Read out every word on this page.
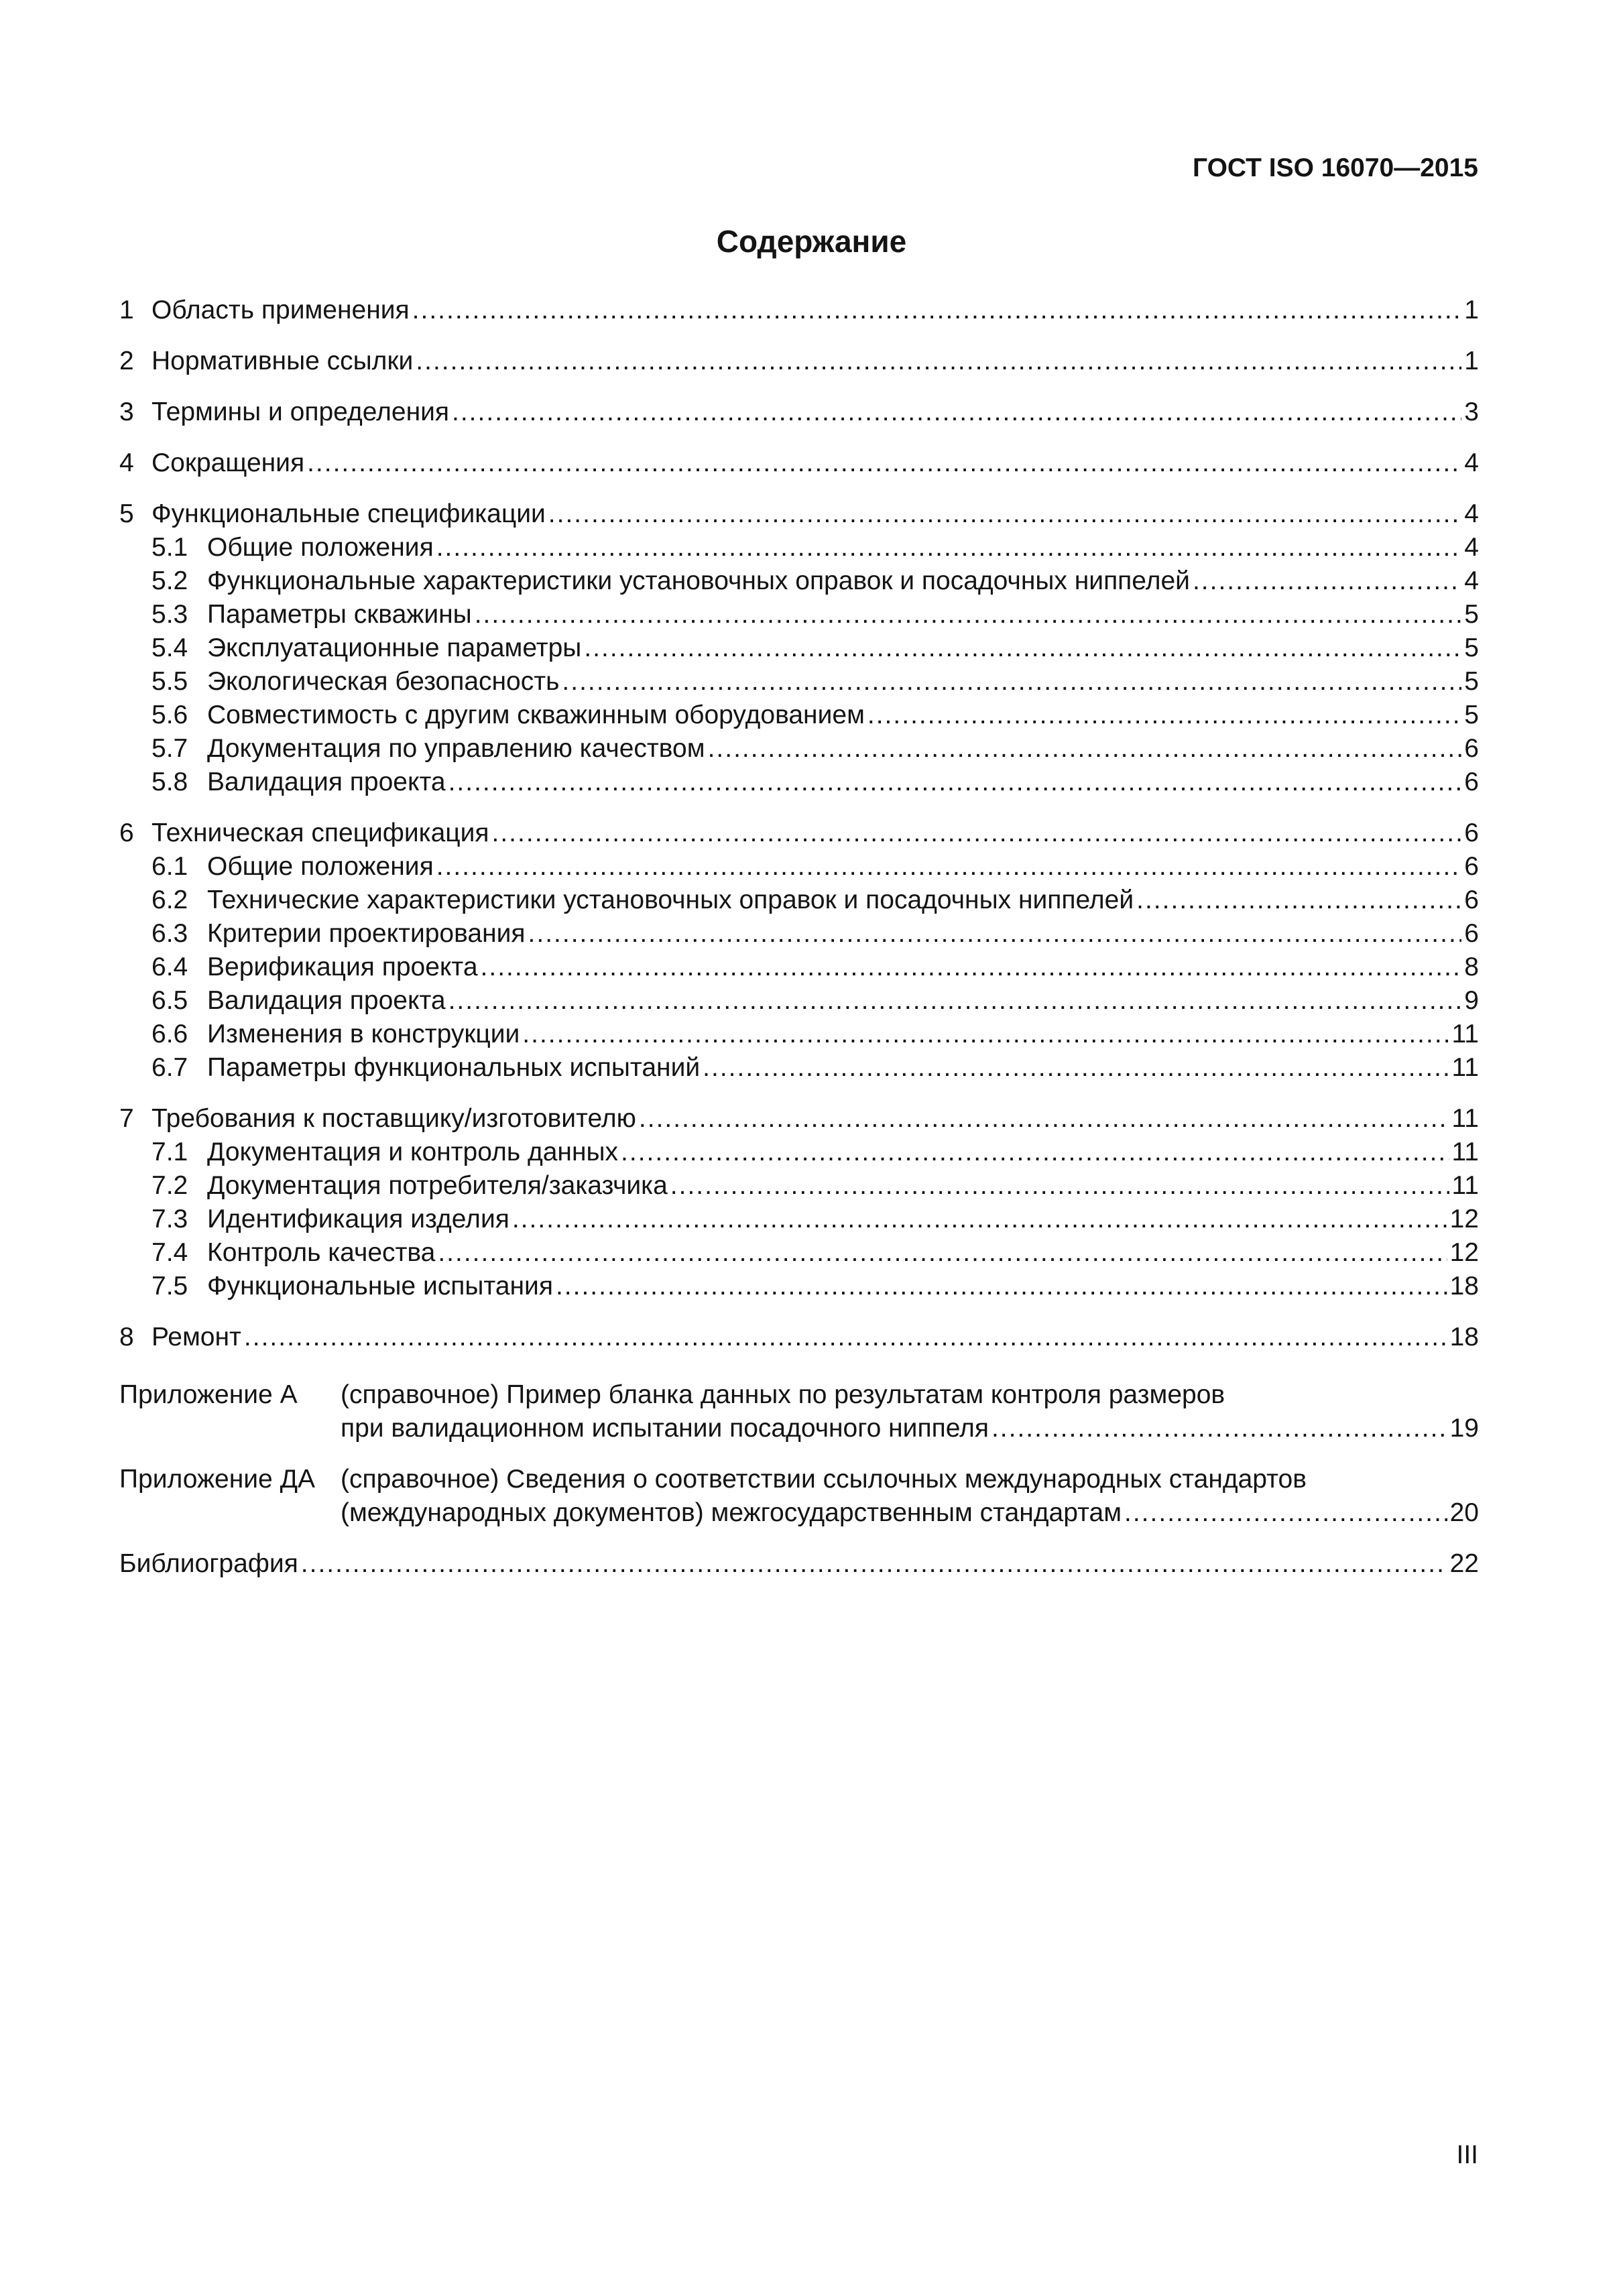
ГОСТ ISO 16070—2015
Содержание
1 Область применения .....	1
2 Нормативные ссылки .....	1
3 Термины и определения .....	3
4 Сокращения .....	4
5 Функциональные спецификации .....	4
5.1 Общие положения .....	4
5.2 Функциональные характеристики установочных оправок и посадочных ниппелей .....	4
5.3 Параметры скважины .....	5
5.4 Эксплуатационные параметры .....	5
5.5 Экологическая безопасность .....	5
5.6 Совместимость с другим скважинным оборудованием .....	5
5.7 Документация по управлению качеством .....	6
5.8 Валидация проекта .....	6
6 Техническая спецификация .....	6
6.1 Общие положения .....	6
6.2 Технические характеристики установочных оправок и посадочных ниппелей .....	6
6.3 Критерии проектирования .....	6
6.4 Верификация проекта .....	8
6.5 Валидация проекта .....	9
6.6 Изменения в конструкции .....	11
6.7 Параметры функциональных испытаний .....	11
7 Требования к поставщику/изготовителю .....	11
7.1 Документация и контроль данных .....	11
7.2 Документация потребителя/заказчика .....	11
7.3 Идентификация изделия .....	12
7.4 Контроль качества .....	12
7.5 Функциональные испытания .....	18
8 Ремонт .....	18
Приложение А	(справочное) Пример бланка данных по результатам контроля размеров
при валидационном испытании посадочного ниппеля .....	19
Приложение ДА (справочное) Сведения о соответствии ссылочных международных стандартов
(международных документов) межгосударственным стандартам .....	20
Библиография .....	22
III
